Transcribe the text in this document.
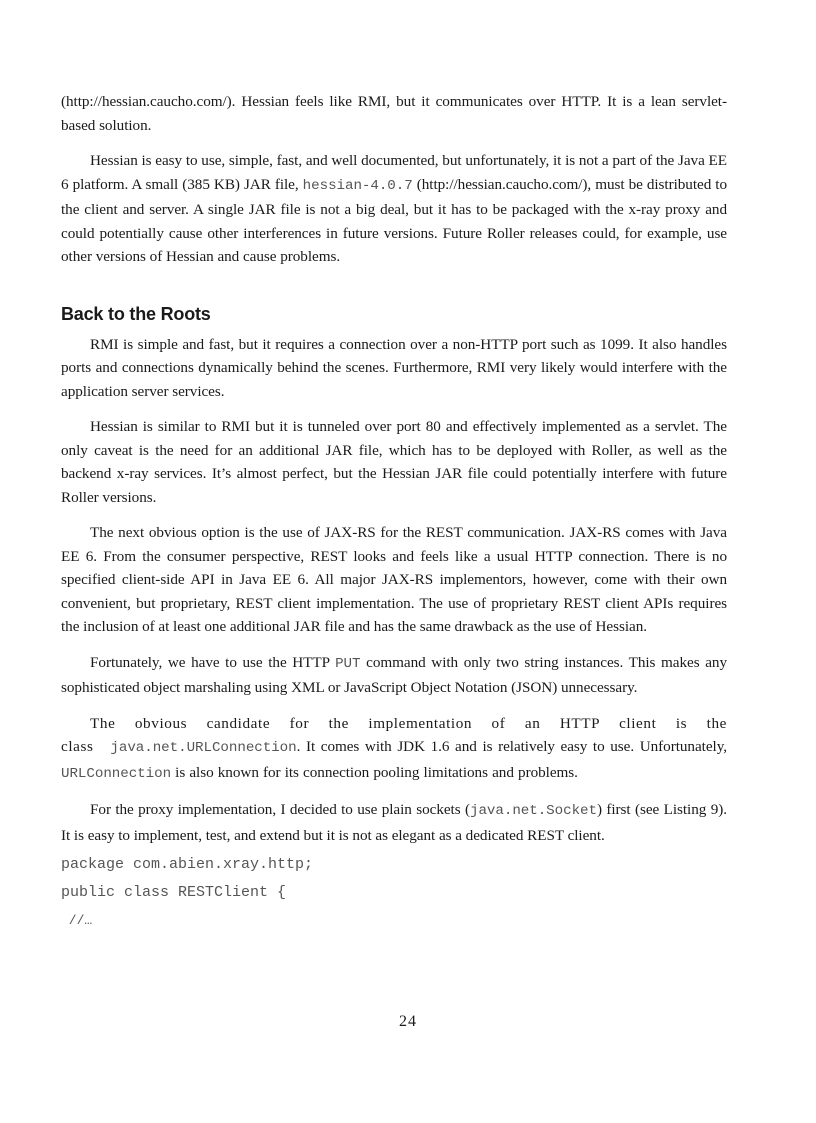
(http://hessian.caucho.com/). Hessian feels like RMI, but it communicates over HTTP. It is a lean servlet-based solution.

Hessian is easy to use, simple, fast, and well documented, but unfortunately, it is not a part of the Java EE 6 platform. A small (385 KB) JAR file, hessian-4.0.7 (http://hessian.caucho.com/), must be distributed to the client and server. A single JAR file is not a big deal, but it has to be packaged with the x-ray proxy and could potentially cause other interferences in future versions. Future Roller releases could, for example, use other versions of Hessian and cause problems.

Back to the Roots

RMI is simple and fast, but it requires a connection over a non-HTTP port such as 1099. It also handles ports and connections dynamically behind the scenes. Furthermore, RMI very likely would interfere with the application server services.

Hessian is similar to RMI but it is tunneled over port 80 and effectively implemented as a servlet. The only caveat is the need for an additional JAR file, which has to be deployed with Roller, as well as the backend x-ray services. It’s almost perfect, but the Hessian JAR file could potentially interfere with future Roller versions.

The next obvious option is the use of JAX-RS for the REST communication. JAX-RS comes with Java EE 6. From the consumer perspective, REST looks and feels like a usual HTTP connection. There is no specified client-side API in Java EE 6. All major JAX-RS implementors, however, come with their own convenient, but proprietary, REST client implementation. The use of proprietary REST client APIs requires the inclusion of at least one additional JAR file and has the same drawback as the use of Hessian.

Fortunately, we have to use the HTTP PUT command with only two string instances. This makes any sophisticated object marshaling using XML or JavaScript Object Notation (JSON) unnecessary.

The obvious candidate for the implementation of an HTTP client is the class java.net.URLConnection. It comes with JDK 1.6 and is relatively easy to use. Unfortunately, URLConnection is also known for its connection pooling limitations and problems.

For the proxy implementation, I decided to use plain sockets (java.net.Socket) first (see Listing 9). It is easy to implement, test, and extend but it is not as elegant as a dedicated REST client.

package com.abien.xray.http;
public class RESTClient {
//…
24
